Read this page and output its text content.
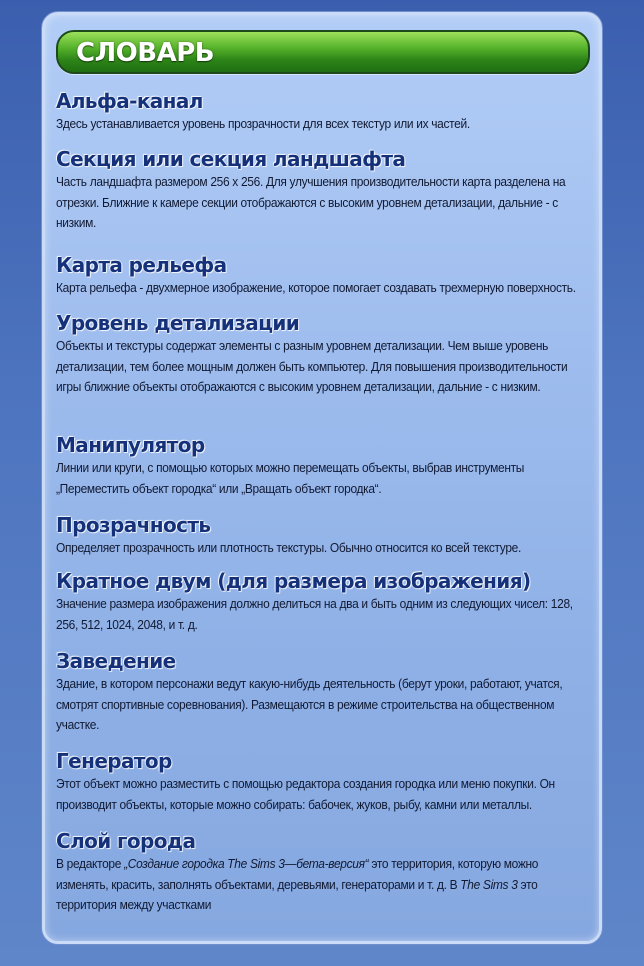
СЛОВАРЬ
Альфа-канал
Здесь устанавливается уровень прозрачности для всех текстур или их частей.
Секция или секция ландшафта
Часть ландшафта размером 256 x 256. Для улучшения производительности карта разделена на отрезки. Ближние к камере секции отображаются с высоким уровнем детализации, дальние - с низким.
Карта рельефа
Карта рельефа - двухмерное изображение, которое помогает создавать трехмерную поверхность.
Уровень детализации
Объекты и текстуры содержат элементы с разным уровнем детализации. Чем выше уровень детализации, тем более мощным должен быть компьютер. Для повышения производительности игры ближние объекты отображаются с высоким уровнем детализации, дальние - с низким.
Манипулятор
Линии или круги, с помощью которых можно перемещать объекты, выбрав инструменты „Переместить объект городка“ или „Вращать объект городка“.
Прозрачность
Определяет прозрачность или плотность текстуры. Обычно относится ко всей текстуре.
Кратное двум (для размера изображения)
Значение размера изображения должно делиться на два и быть одним из следующих чисел: 128, 256, 512, 1024, 2048, и т. д.
Заведение
Здание, в котором персонажи ведут какую-нибудь деятельность (берут уроки, работают, учатся, смотрят спортивные соревнования). Размещаются в режиме строительства на общественном участке.
Генератор
Этот объект можно разместить с помощью редактора создания городка или меню покупки. Он производит объекты, которые можно собирать: бабочек, жуков, рыбу, камни или металлы.
Слой города
В редакторе „Создание городка The Sims 3—бета-версия“ это территория, которую можно изменять, красить, заполнять объектами, деревьями, генераторами и т. д. В The Sims 3 это территория между участками
